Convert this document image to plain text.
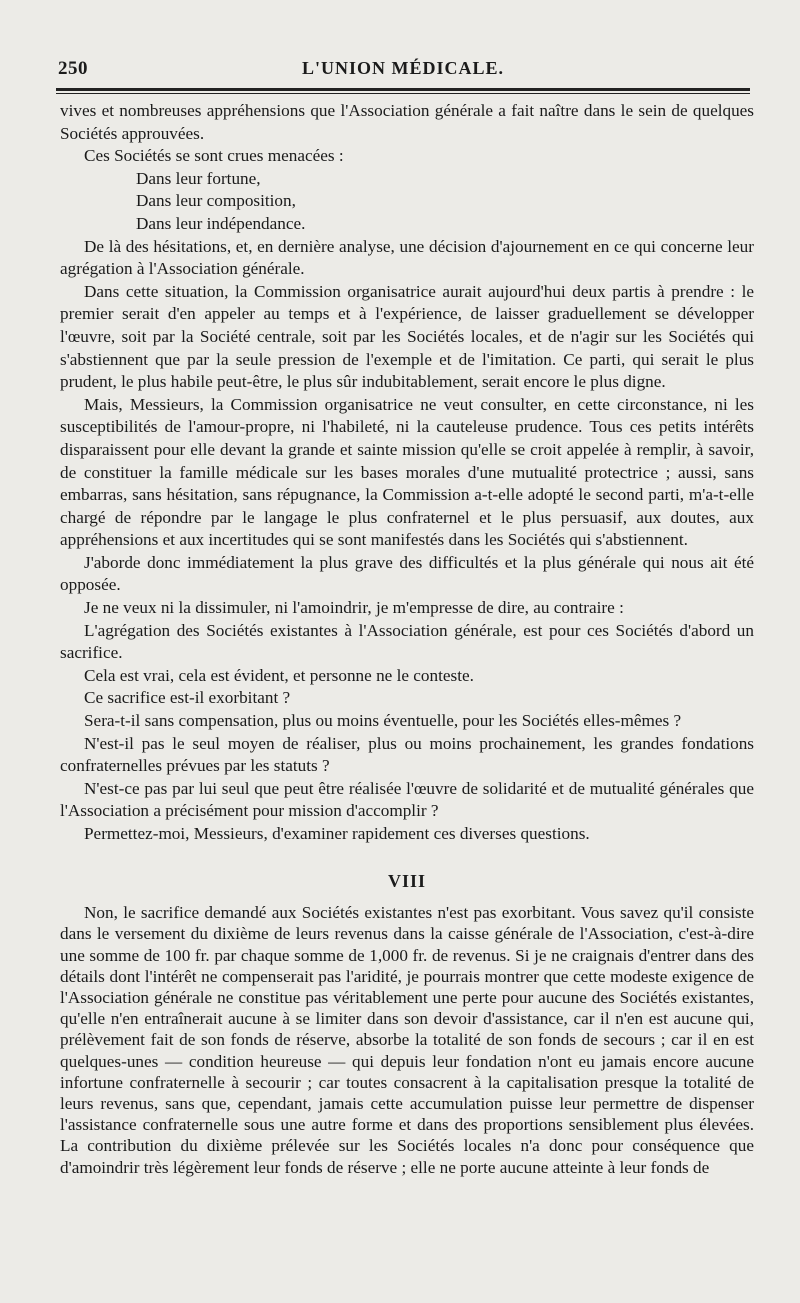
250	L'UNION MÉDICALE.

vives et nombreuses appréhensions que l'Association générale a fait naître dans le sein de quelques Sociétés approuvées.

Ces Sociétés se sont crues menacées :

Dans leur fortune,

Dans leur composition,

Dans leur indépendance.

De là des hésitations, et, en dernière analyse, une décision d'ajournement en ce qui concerne leur agrégation à l'Association générale.

Dans cette situation, la Commission organisatrice aurait aujourd'hui deux partis à prendre : le premier serait d'en appeler au temps et à l'expérience, de laisser graduellement se développer l'œuvre, soit par la Société centrale, soit par les Sociétés locales, et de n'agir sur les Sociétés qui s'abstiennent que par la seule pression de l'exemple et de l'imitation. Ce parti, qui serait le plus prudent, le plus habile peut-être, le plus sûr indubitablement, serait encore le plus digne.

Mais, Messieurs, la Commission organisatrice ne veut consulter, en cette circonstance, ni les susceptibilités de l'amour-propre, ni l'habileté, ni la cauteleuse prudence. Tous ces petits intérêts disparaissent pour elle devant la grande et sainte mission qu'elle se croit appelée à remplir, à savoir, de constituer la famille médicale sur les bases morales d'une mutualité protectrice ; aussi, sans embarras, sans hésitation, sans répugnance, la Commission a-t-elle adopté le second parti, m'a-t-elle chargé de répondre par le langage le plus confraternel et le plus persuasif, aux doutes, aux appréhensions et aux incertitudes qui se sont manifestés dans les Sociétés qui s'abstiennent.

J'aborde donc immédiatement la plus grave des difficultés et la plus générale qui nous ait été opposée.

Je ne veux ni la dissimuler, ni l'amoindrir, je m'empresse de dire, au contraire :

L'agrégation des Sociétés existantes à l'Association générale, est pour ces Sociétés d'abord un sacrifice.

Cela est vrai, cela est évident, et personne ne le conteste.

Ce sacrifice est-il exorbitant ?

Sera-t-il sans compensation, plus ou moins éventuelle, pour les Sociétés elles-mêmes ?

N'est-il pas le seul moyen de réaliser, plus ou moins prochainement, les grandes fondations confraternelles prévues par les statuts ?

N'est-ce pas par lui seul que peut être réalisée l'œuvre de solidarité et de mutualité générales que l'Association a précisément pour mission d'accomplir ?

Permettez-moi, Messieurs, d'examiner rapidement ces diverses questions.

VIII

Non, le sacrifice demandé aux Sociétés existantes n'est pas exorbitant. Vous savez qu'il consiste dans le versement du dixième de leurs revenus dans la caisse générale de l'Association, c'est-à-dire une somme de 100 fr. par chaque somme de 1,000 fr. de revenus. Si je ne craignais d'entrer dans des détails dont l'intérêt ne compenserait pas l'aridité, je pourrais montrer que cette modeste exigence de l'Association générale ne constitue pas véritablement une perte pour aucune des Sociétés existantes, qu'elle n'en entraînerait aucune à se limiter dans son devoir d'assistance, car il n'en est aucune qui, prélèvement fait de son fonds de réserve, absorbe la totalité de son fonds de secours ; car il en est quelques-unes — condition heureuse — qui depuis leur fondation n'ont eu jamais encore aucune infortune confraternelle à secourir ; car toutes consacrent à la capitalisation presque la totalité de leurs revenus, sans que, cependant, jamais cette accumulation puisse leur permettre de dispenser l'assistance confraternelle sous une autre forme et dans des proportions sensiblement plus élevées. La contribution du dixième prélevée sur les Sociétés locales n'a donc pour conséquence que d'amoindrir très légèrement leur fonds de réserve ; elle ne porte aucune atteinte à leur fonds de
